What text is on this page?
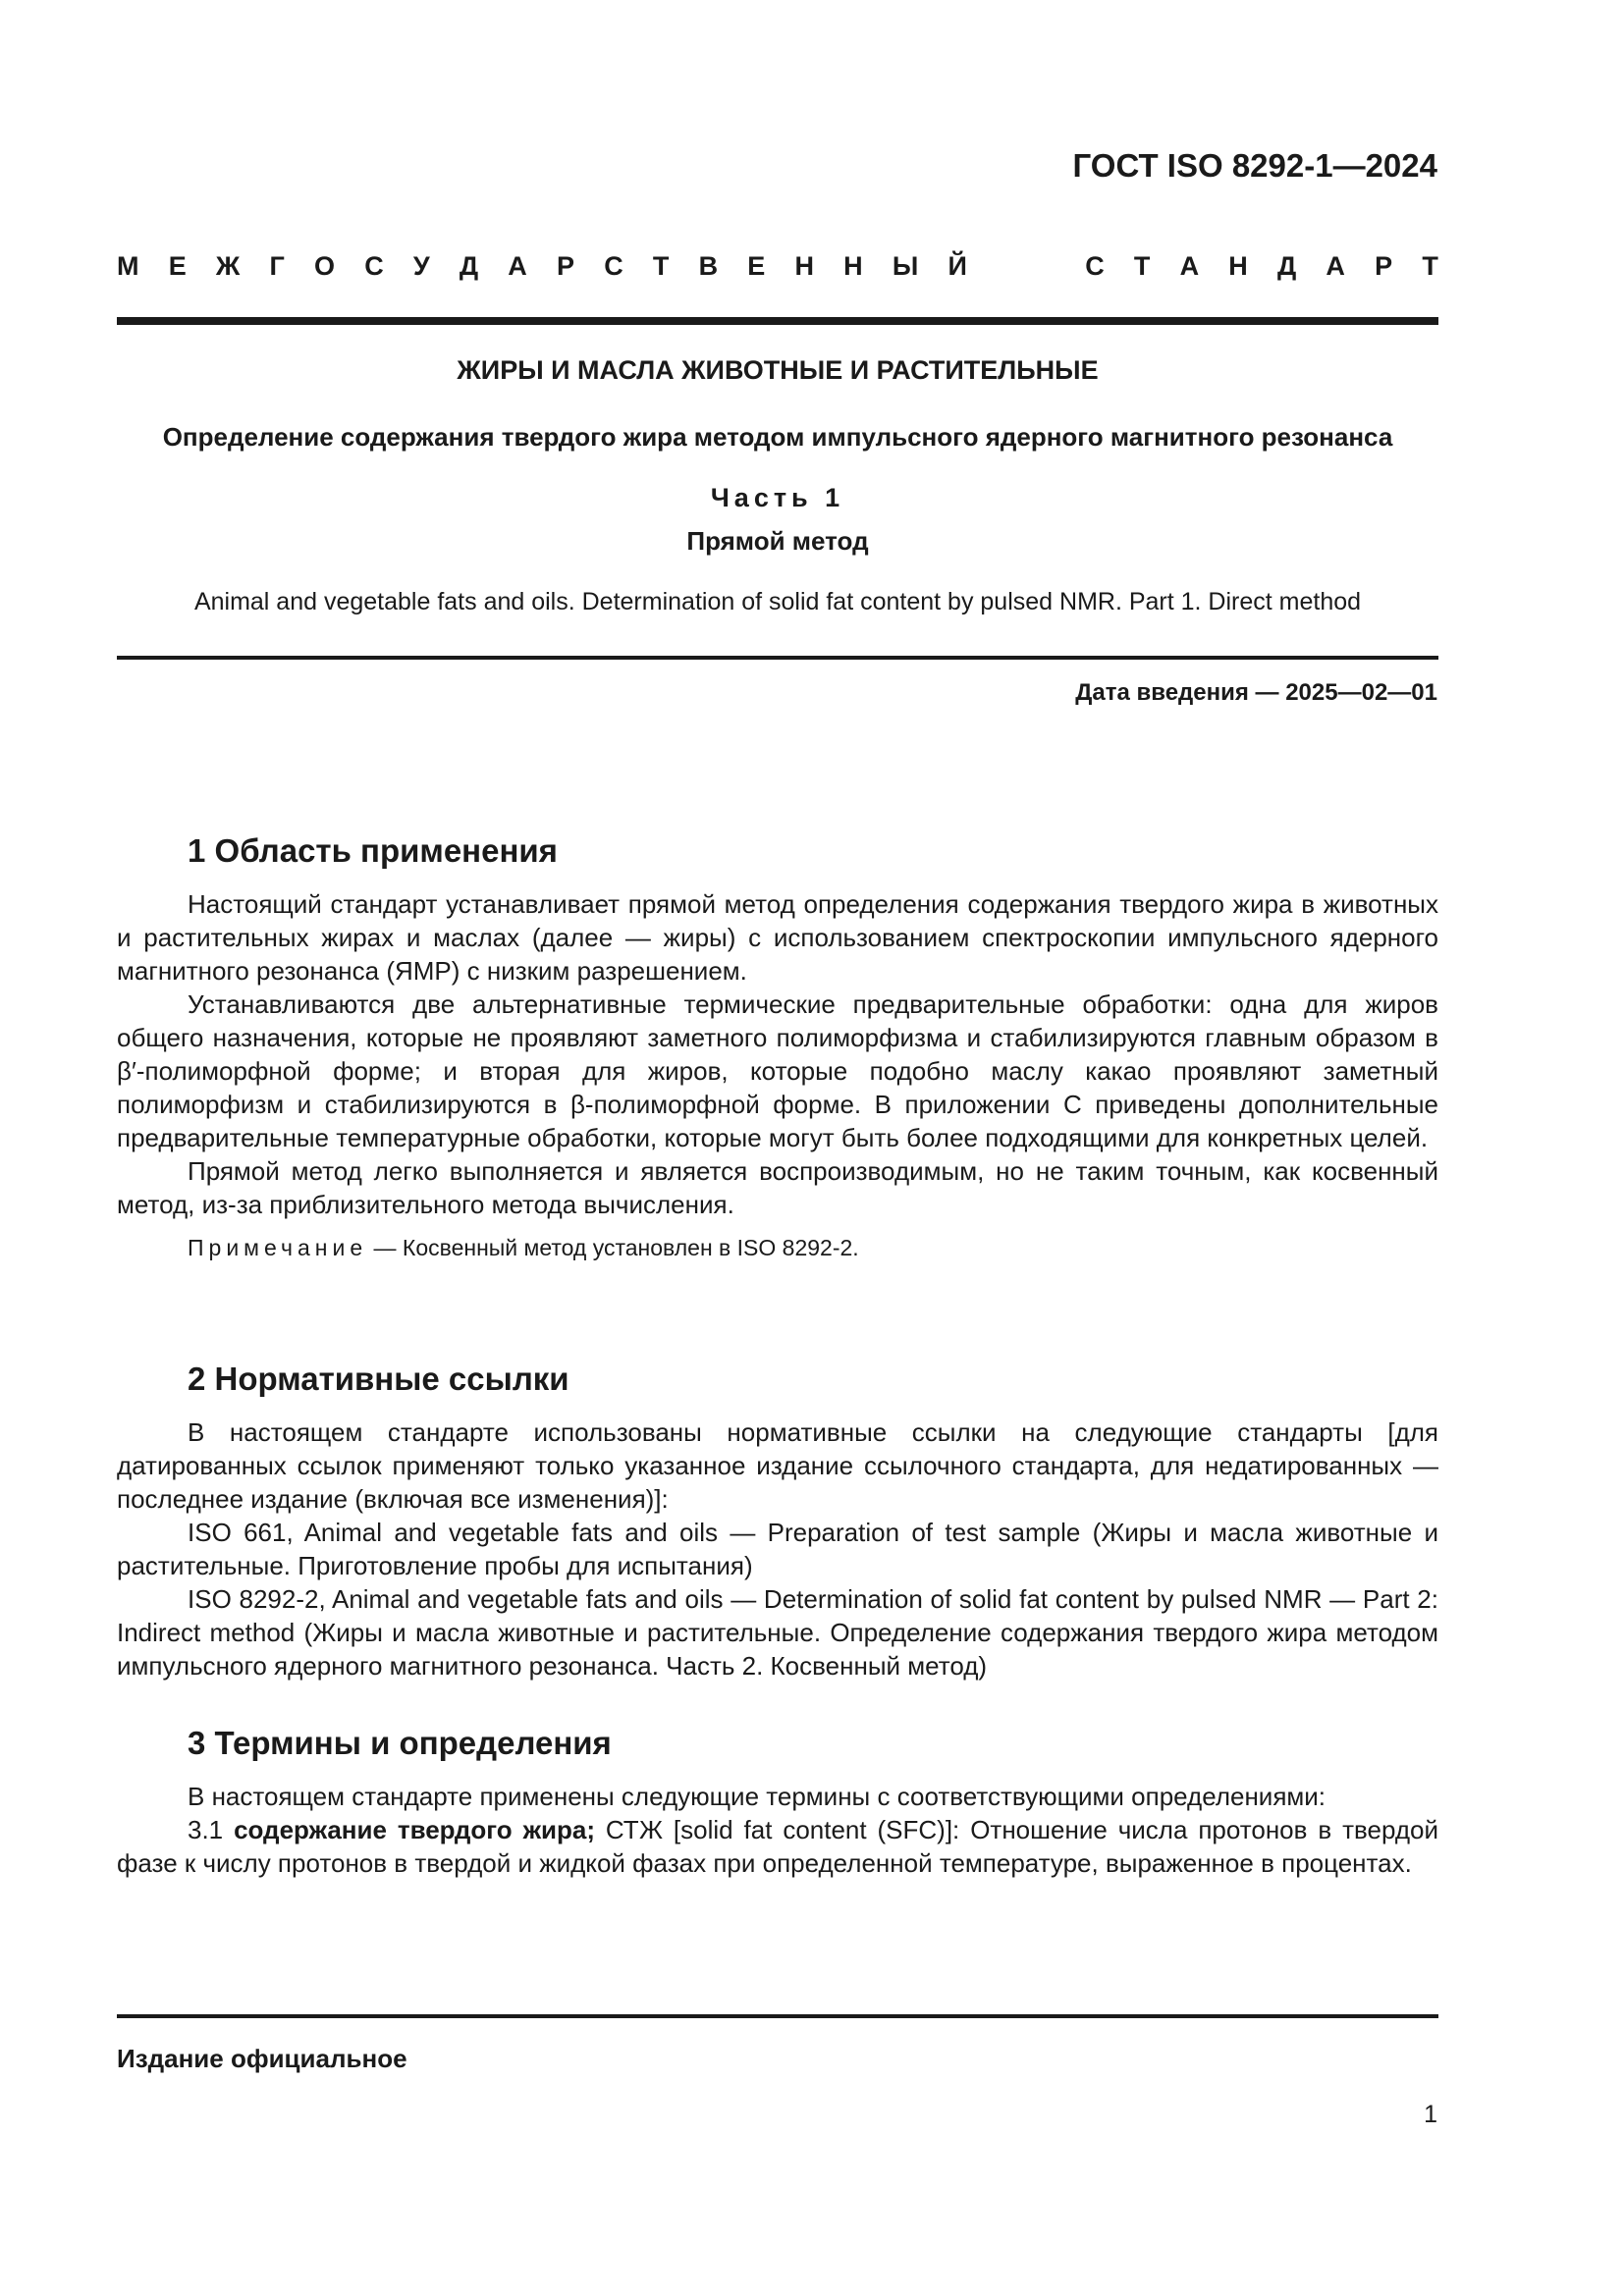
ГОСТ ISO 8292-1—2024
М Е Ж Г О С У Д А Р С Т В Е Н Н Ы Й	С Т А Н Д А Р Т
ЖИРЫ И МАСЛА ЖИВОТНЫЕ И РАСТИТЕЛЬНЫЕ
Определение содержания твердого жира методом импульсного ядерного магнитного резонанса
Часть 1
Прямой метод
Animal and vegetable fats and oils. Determination of solid fat content by pulsed NMR. Part 1. Direct method
Дата введения — 2025—02—01
1 Область применения

Настоящий стандарт устанавливает прямой метод определения содержания твердого жира в животных и растительных жирах и маслах (далее — жиры) с использованием спектроскопии импульсного ядерного магнитного резонанса (ЯМР) с низким разрешением.

Устанавливаются две альтернативные термические предварительные обработки: одна для жиров общего назначения, которые не проявляют заметного полиморфизма и стабилизируются главным образом в β′-полиморфной форме; и вторая для жиров, которые подобно маслу какао проявляют заметный полиморфизм и стабилизируются в β-полиморфной форме. В приложении С приведены дополнительные предварительные температурные обработки, которые могут быть более подходящими для конкретных целей.

Прямой метод легко выполняется и является воспроизводимым, но не таким точным, как косвенный метод, из-за приблизительного метода вычисления.

Примечание — Косвенный метод установлен в ISO 8292-2.

2 Нормативные ссылки

В настоящем стандарте использованы нормативные ссылки на следующие стандарты [для датированных ссылок применяют только указанное издание ссылочного стандарта, для недатированных — последнее издание (включая все изменения)]:

ISO 661, Animal and vegetable fats and oils — Preparation of test sample (Жиры и масла животные и растительные. Приготовление пробы для испытания)

ISO 8292-2, Animal and vegetable fats and oils — Determination of solid fat content by pulsed NMR — Part 2: Indirect method (Жиры и масла животные и растительные. Определение содержания твердого жира методом импульсного ядерного магнитного резонанса. Часть 2. Косвенный метод)

3 Термины и определения

В настоящем стандарте применены следующие термины с соответствующими определениями:

3.1 содержание твердого жира; СТЖ [solid fat content (SFC)]: Отношение числа протонов в твердой фазе к числу протонов в твердой и жидкой фазах при определенной температуре, выраженное в процентах.

Издание официальное
1
